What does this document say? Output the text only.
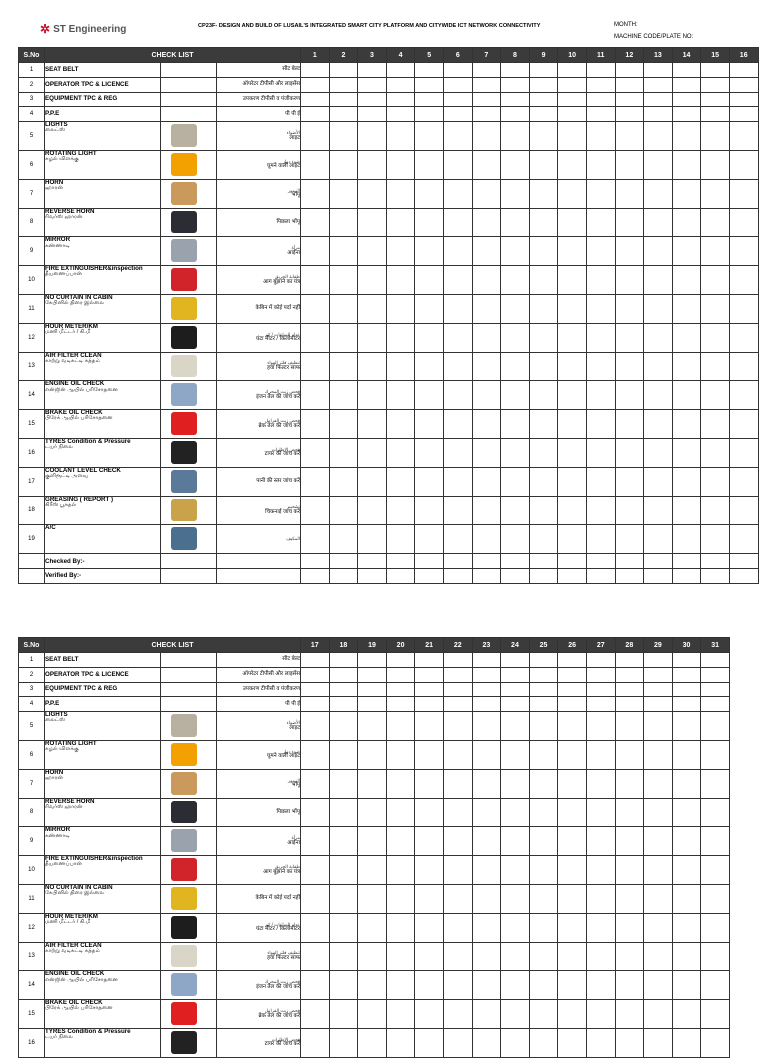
✲ ST Engineering	CP23F- DESIGN AND BUILD OF LUSAIL'S INTEGRATED SMART CITY PLATFORM AND CITYWIDE ICT NETWORK CONNECTIVITY	MONTH:
MACHINE CODE/PLATE NO:
S.No	CHECK LIST			1	2	3	4	5	6	7	8	9	10	11	12	13	14	15	16
1	SEAT BELT		सीट बेल्ट																

2	OPERATOR TPC & LICENCE		ऑपरेटर टीपीसी और लाइसेंस																

3	EQUIPMENT TPC & REG		उपकरण टीपीसी व पंजीकरण																

4	P.P.E		पी पी ई																

5	LIGHTS
லைட்ஸ்		الأضواء
लाइट																

6	ROTATING LIGHT
சுழல் விளக்கு		ضوء دوار
घूमने वाली लाइट																

7	HORN
ஹாரன்		الزمور
भोंपू																

8	REVERSE HORN
ரிவர்ஸ் ஹாரன்		पिछला भोंपू																

9	MIRROR
கண்ணாடி		مرآة
आईना																

10	FIRE EXTINGUISHER&inspection
தீயணைப்பான்		طفاية الحريق
आग बुझाने का यंत्र																

11	NO CURTAIN IN CABIN
கேபினில் திரை இல்லை		केबिन में कोई पर्दा नहीं																

12	HOUR METER/KM
மணி மீட்டர் / கி.மீ		عداد الساعات / كم
घंटा मीटर / किलोमीटर																

13	AIR FILTER CLEAN
காற்று வடிகட்டி சுத்தம்		تنظيف فلتر الهواء
हवा फिल्टर साफ																

14	ENGINE OIL CHECK
என்ஜின் ஆயில் பரிசோதனை		فحص زيت المحرك
इंजन तेल की जांच करें																

15	BRAKE OIL CHECK
பிரேக் ஆயில் பரிசோதனை		فحص زيت الفرامل
ब्रेक तेल की जांच करें																

16	TYRES Condition & Pressure
டயர் நிலை		فحص الإطارات
टायर की जांच करें																

17	COOLANT LEVEL CHECK
குளிரூட்டி அளவு		पानी की स्तर जांच करें																

18	GREASING ( REPORT )
கிரீஸ் பூசுதல்		تشحيم
चिकनाई जांच करें																

19	A/C		المكيف																

	Checked By:-																		
	Verified By:-																		
S.No	CHECK LIST			17	18	19	20	21	22	23	24	25	26	27	28	29	30	31
1	SEAT BELT		सीट बेल्ट															

2	OPERATOR TPC & LICENCE		ऑपरेटर टीपीसी और लाइसेंस															

3	EQUIPMENT TPC & REG		उपकरण टीपीसी व पंजीकरण															

4	P.P.E		पी पी ई															

5	LIGHTS
லைட்ஸ்		الأضواء
लाइट															

6	ROTATING LIGHT
சுழல் விளக்கு		ضوء دوار
घूमने वाली लाइट															

7	HORN
ஹாரன்		الزمور
भोंपू															

8	REVERSE HORN
ரிவர்ஸ் ஹாரன்		पिछला भोंपू															

9	MIRROR
கண்ணாடி		مرآة
आईना															

10	FIRE EXTINGUISHER&inspection
தீயணைப்பான்		طفاية الحريق
आग बुझाने का यंत्र															

11	NO CURTAIN IN CABIN
கேபினில் திரை இல்லை		केबिन में कोई पर्दा नहीं															

12	HOUR METER/KM
மணி மீட்டர் / கி.மீ		عداد الساعات / كم
घंटा मीटर / किलोमीटर															

13	AIR FILTER CLEAN
காற்று வடிகட்டி சுத்தம்		تنظيف فلتر الهواء
हवा फिल्टर साफ															

14	ENGINE OIL CHECK
என்ஜின் ஆயில் பரிசோதனை		فحص زيت المحرك
इंजन तेल की जांच करें															

15	BRAKE OIL CHECK
பிரேக் ஆயில் பரிசோதனை		فحص زيت الفرامل
ब्रेक तेल की जांच करें															

16	TYRES Condition & Pressure
டயர் நிலை		فحص الإطارات
टायर की जांच करें															
